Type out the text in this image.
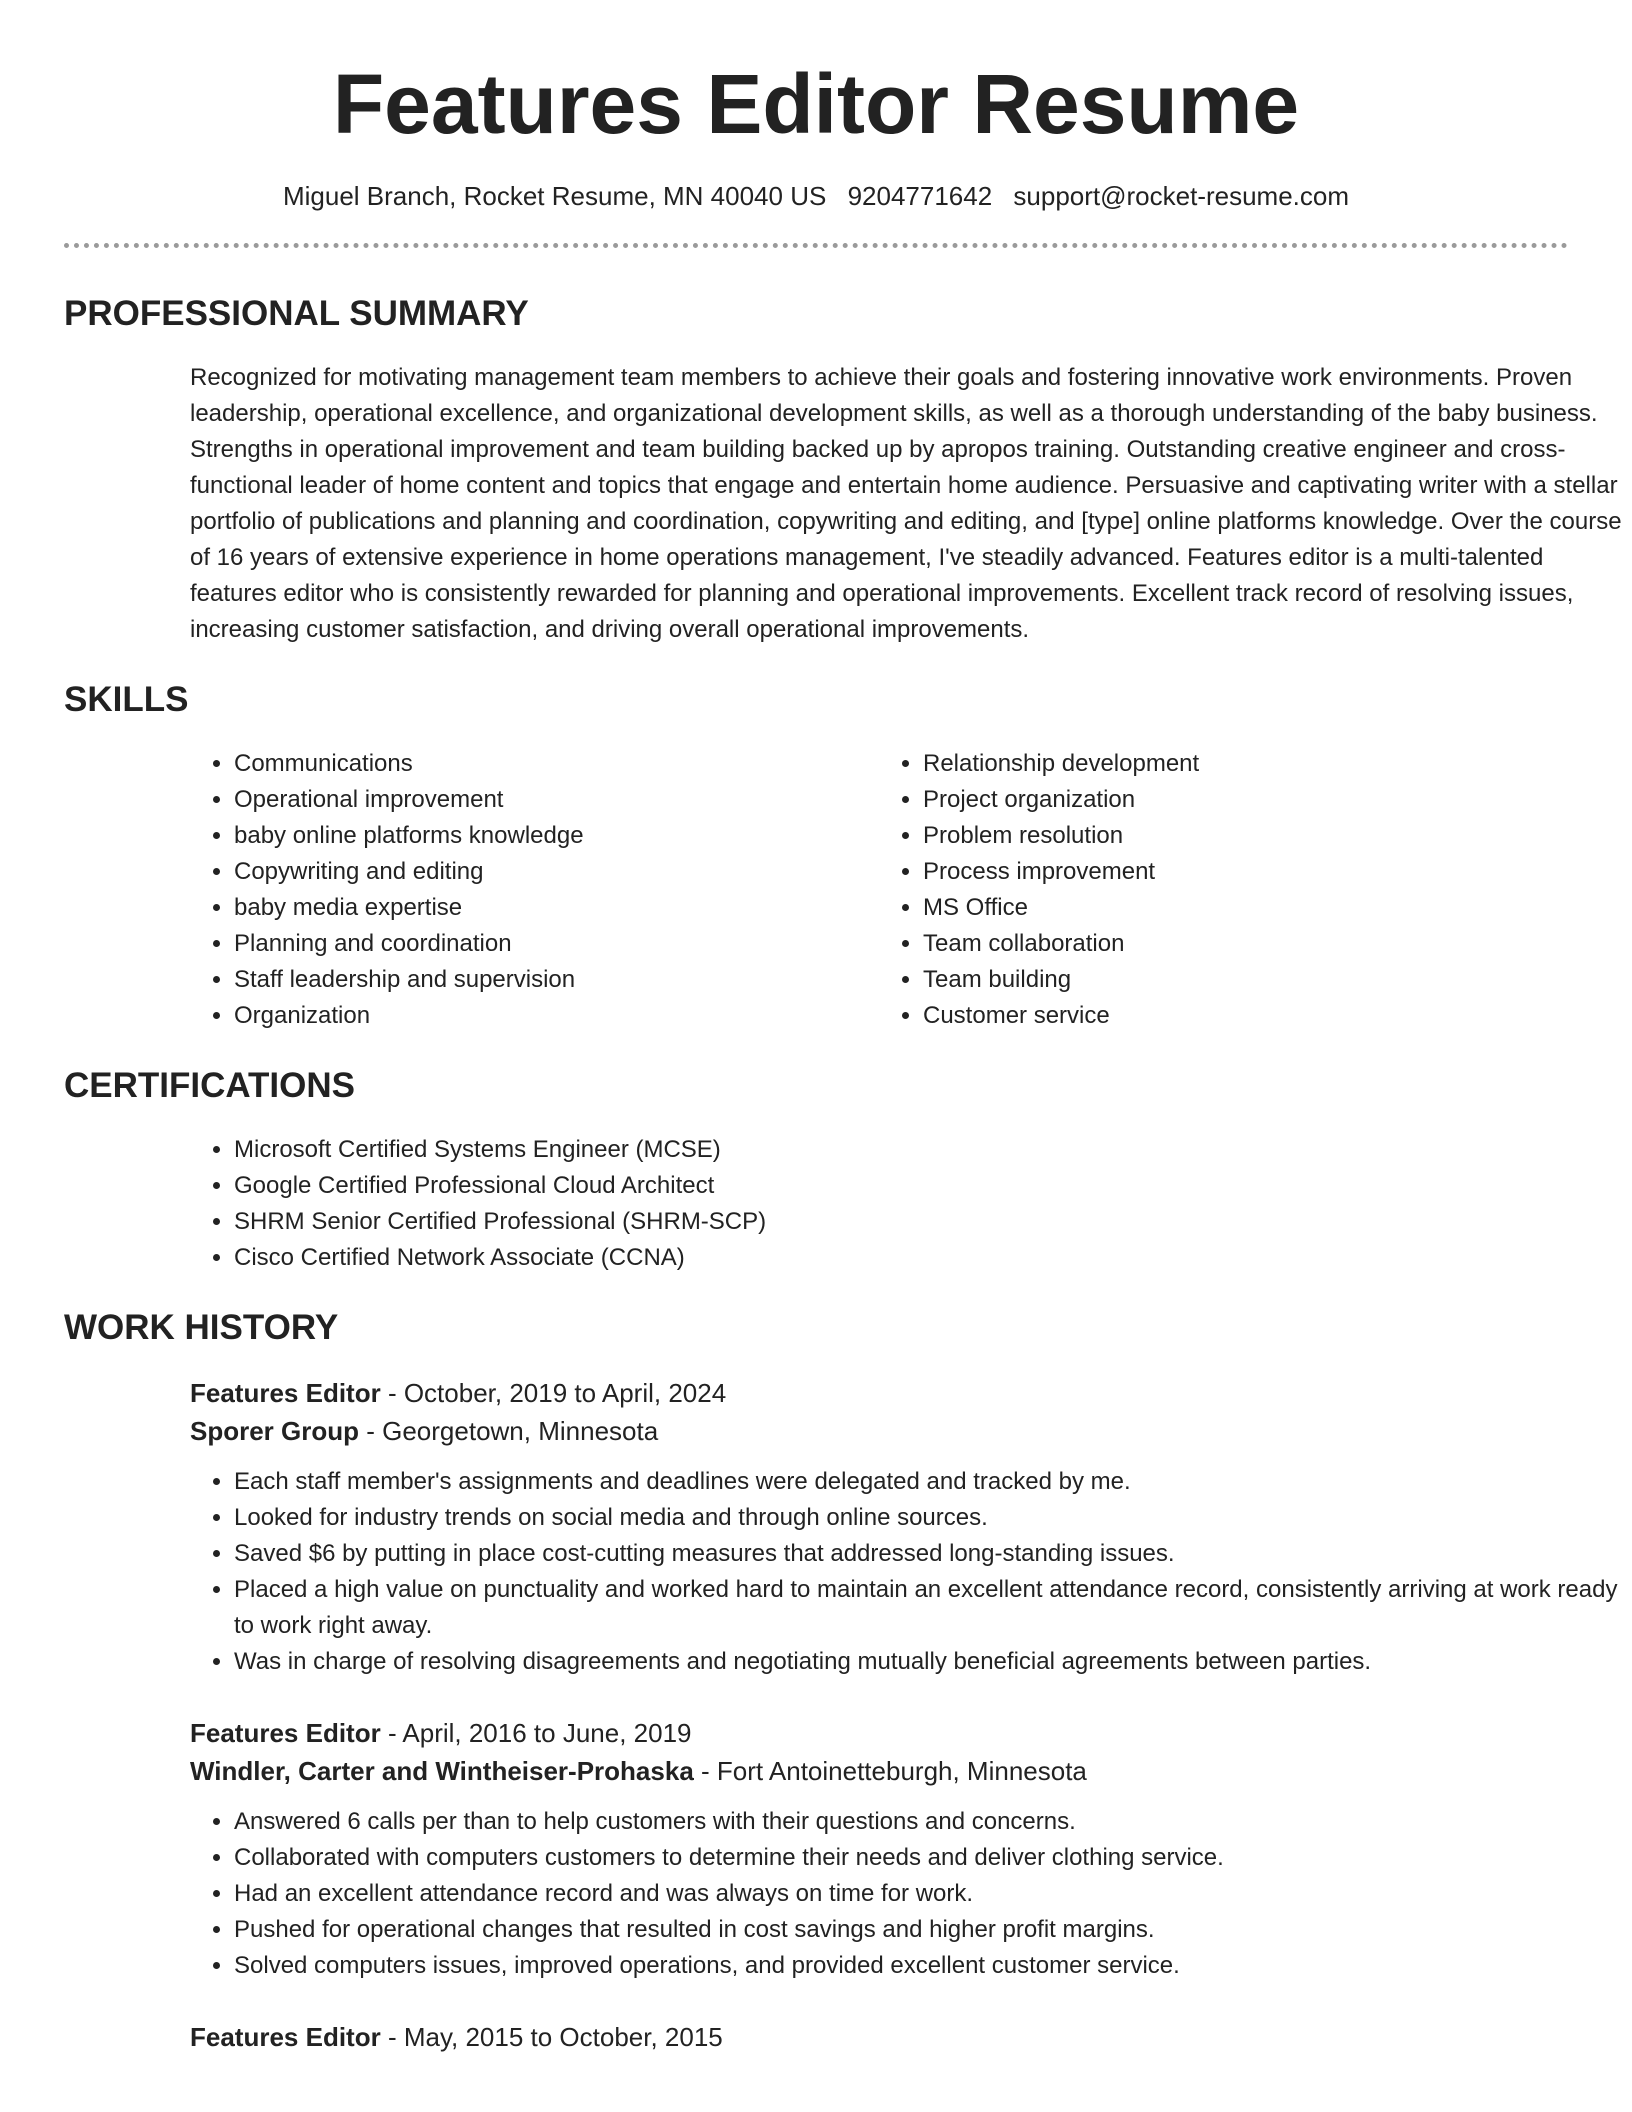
Features Editor Resume
Miguel Branch, Rocket Resume, MN 40040 US 9204771642 support@rocket-resume.com
PROFESSIONAL SUMMARY

Recognized for motivating management team members to achieve their goals and fostering innovative work environments. Proven leadership, operational excellence, and organizational development skills, as well as a thorough understanding of the baby business. Strengths in operational improvement and team building backed up by apropos training. Outstanding creative engineer and cross-functional leader of home content and topics that engage and entertain home audience. Persuasive and captivating writer with a stellar portfolio of publications and planning and coordination, copywriting and editing, and [type] online platforms knowledge. Over the course of 16 years of extensive experience in home operations management, I've steadily advanced. Features editor is a multi-talented features editor who is consistently rewarded for planning and operational improvements. Excellent track record of resolving issues, increasing customer satisfaction, and driving overall operational improvements.

SKILLS
• Communications
• Operational improvement
• baby online platforms knowledge
• Copywriting and editing
• baby media expertise
• Planning and coordination
• Staff leadership and supervision
• Organization
• Relationship development
• Project organization
• Problem resolution
• Process improvement
• MS Office
• Team collaboration
• Team building
• Customer service
CERTIFICATIONS
• Microsoft Certified Systems Engineer (MCSE)
• Google Certified Professional Cloud Architect
• SHRM Senior Certified Professional (SHRM-SCP)
• Cisco Certified Network Associate (CCNA)
WORK HISTORY
Features Editor - October, 2019 to April, 2024
Sporer Group - Georgetown, Minnesota
• Each staff member's assignments and deadlines were delegated and tracked by me.
• Looked for industry trends on social media and through online sources.
• Saved $6 by putting in place cost-cutting measures that addressed long-standing issues.
• Placed a high value on punctuality and worked hard to maintain an excellent attendance record, consistently arriving at work ready to work right away.
• Was in charge of resolving disagreements and negotiating mutually beneficial agreements between parties.
Features Editor - April, 2016 to June, 2019
Windler, Carter and Wintheiser-Prohaska - Fort Antoinetteburgh, Minnesota
• Answered 6 calls per than to help customers with their questions and concerns.
• Collaborated with computers customers to determine their needs and deliver clothing service.
• Had an excellent attendance record and was always on time for work.
• Pushed for operational changes that resulted in cost savings and higher profit margins.
• Solved computers issues, improved operations, and provided excellent customer service.
Features Editor - May, 2015 to October, 2015
